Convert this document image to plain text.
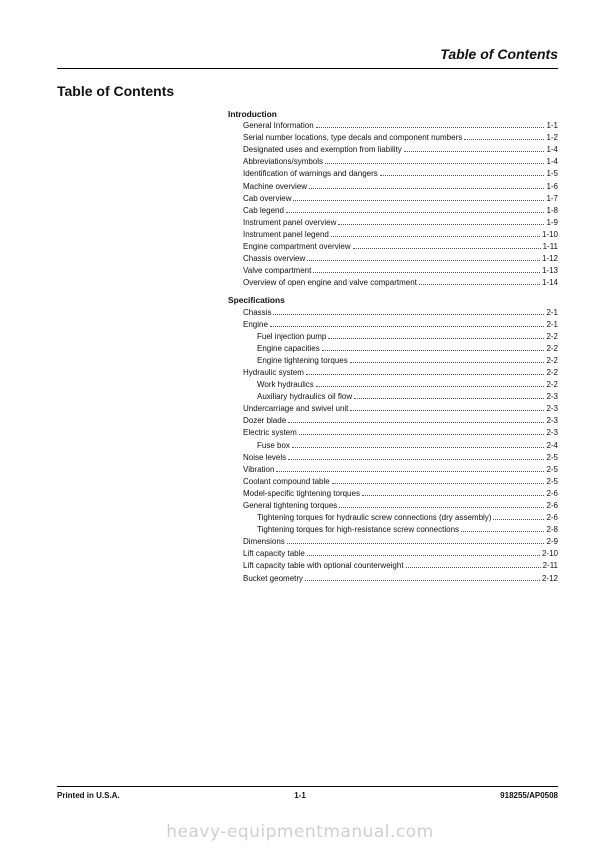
Table of Contents
Table of Contents
Introduction
General Information	1-1
Serial number locations, type decals and component numbers	1-2
Designated uses and exemption from liability	1-4
Abbreviations/symbols	1-4
Identification of warnings and dangers	1-5
Machine overview	1-6
Cab overview	1-7
Cab legend	1-8
Instrument panel overview	1-9
Instrument panel legend	1-10
Engine compartment overview	1-11
Chassis overview	1-12
Valve compartment	1-13
Overview of open engine and valve compartment	1-14
Specifications
Chassis	2-1
Engine	2-1
Fuel injection pump	2-2
Engine capacities	2-2
Engine tightening torques	2-2
Hydraulic system	2-2
Work hydraulics	2-2
Auxiliary hydraulics oil flow	2-3
Undercarriage and swivel unit	2-3
Dozer blade	2-3
Electric system	2-3
Fuse box	2-4
Noise levels	2-5
Vibration	2-5
Coolant compound table	2-5
Model-specific tightening torques	2-6
General tightening torques	2-6
Tightening torques for hydraulic screw connections (dry assembly)	2-6
Tightening torques for high-resistance screw connections	2-8
Dimensions	2-9
Lift capacity table	2-10
Lift capacity table with optional counterweight	2-11
Bucket geometry	2-12
Printed in U.S.A.	1-1	918255/AP0508
heavy-equipmentmanual.com
